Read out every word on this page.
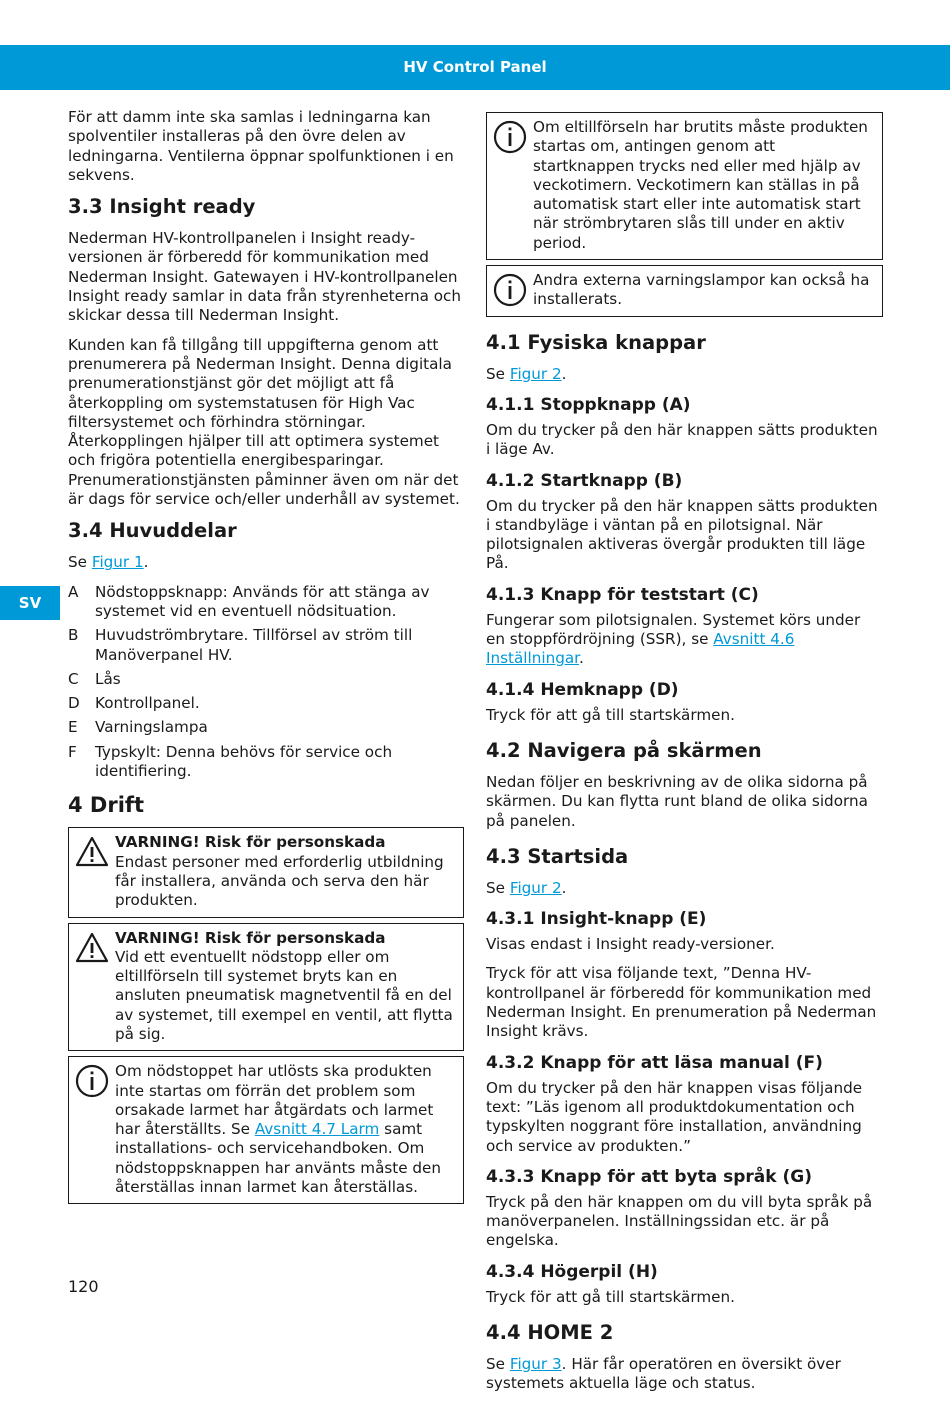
HV Control Panel
SV

För att damm inte ska samlas i ledningarna kan spolventiler installeras på den övre delen av ledningarna. Ventilerna öppnar spolfunktionen i en sekvens.

3.3 Insight ready

Nederman HV-kontrollpanelen i Insight ready-versionen är förberedd för kommunikation med Nederman Insight. Gatewayen i HV-kontrollpanelen Insight ready samlar in data från styrenheterna och skickar dessa till Nederman Insight.

Kunden kan få tillgång till uppgifterna genom att prenumerera på Nederman Insight. Denna digitala prenumerationstjänst gör det möjligt att få återkoppling om systemstatusen för High Vac filtersystemet och förhindra störningar. Återkopplingen hjälper till att optimera systemet och frigöra potentiella energibesparingar. Prenumerationstjänsten påminner även om när det är dags för service och/eller underhåll av systemet.

3.4 Huvuddelar

Se Figur 1.

A	Nödstoppsknapp: Används för att stänga av systemet vid en eventuell nödsituation.
B	Huvudströmbrytare. Tillförsel av ström till Manöverpanel HV.
C	Lås
D	Kontrollpanel.
E	Varningslampa
F	Typskylt: Denna behövs för service och identifiering.
4 Drift
VARNING! Risk för personskada
Endast personer med erforderlig utbildning får installera, använda och serva den här produkten.
VARNING! Risk för personskada
Vid ett eventuellt nödstopp eller om eltillförseln till systemet bryts kan en ansluten pneumatisk magnetventil få en del av systemet, till exempel en ventil, att flytta på sig.
Om nödstoppet har utlösts ska produkten inte startas om förrän det problem som orsakade larmet har åtgärdats och larmet har återställts. Se Avsnitt 4.7 Larm samt installations- och servicehandboken. Om nödstoppsknappen har använts måste den återställas innan larmet kan återställas.
Om eltillförseln har brutits måste produkten startas om, antingen genom att startknappen trycks ned eller med hjälp av veckotimern. Veckotimern kan ställas in på automatisk start eller inte automatisk start när strömbrytaren slås till under en aktiv period.
Andra externa varningslampor kan också ha installerats.
4.1 Fysiska knappar

Se Figur 2.

4.1.1 Stoppknapp (A)

Om du trycker på den här knappen sätts produkten i läge Av.

4.1.2 Startknapp (B)

Om du trycker på den här knappen sätts produkten i standbyläge i väntan på en pilotsignal. När pilotsignalen aktiveras övergår produkten till läge På.

4.1.3 Knapp för teststart (C)

Fungerar som pilotsignalen. Systemet körs under en stoppfördröjning (SSR), se Avsnitt 4.6 Inställningar.

4.1.4 Hemknapp (D)

Tryck för att gå till startskärmen.

4.2 Navigera på skärmen

Nedan följer en beskrivning av de olika sidorna på skärmen. Du kan flytta runt bland de olika sidorna på panelen.

4.3 Startsida

Se Figur 2.

4.3.1 Insight-knapp (E)

Visas endast i Insight ready-versioner.

Tryck för att visa följande text, ”Denna HV-kontrollpanel är förberedd för kommunikation med Nederman Insight. En prenumeration på Nederman Insight krävs.

4.3.2 Knapp för att läsa manual (F)

Om du trycker på den här knappen visas följande text: ”Läs igenom all produktdokumentation och typskylten noggrant före installation, användning och service av produkten.”

4.3.3 Knapp för att byta språk (G)

Tryck på den här knappen om du vill byta språk på manöverpanelen. Inställningssidan etc. är på engelska.

4.3.4 Högerpil (H)

Tryck för att gå till startskärmen.

4.4 HOME 2

Se Figur 3. Här får operatören en översikt över systemets aktuella läge och status.

120
